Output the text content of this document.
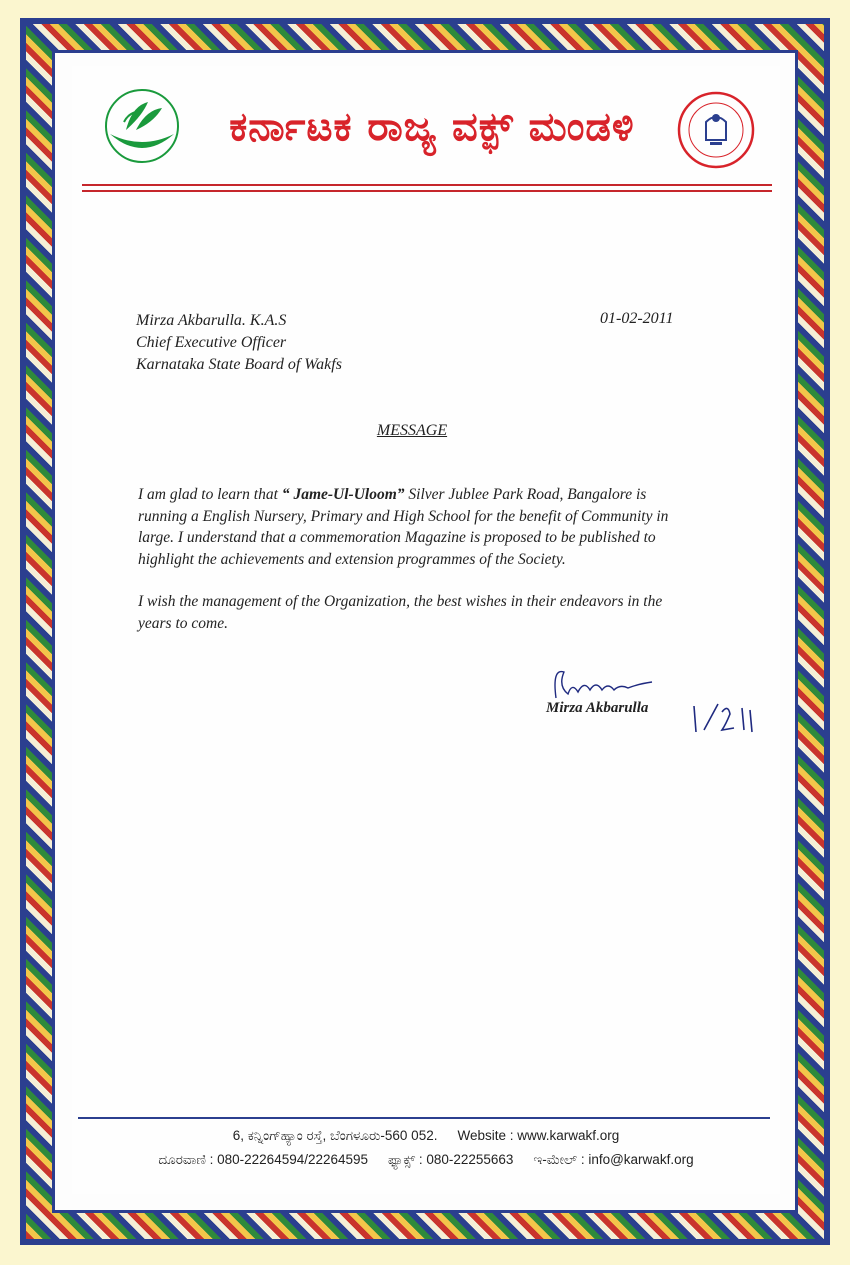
ಕರ್ನಾಟಕ ರಾಜ್ಯ ವಕ್ಫ್ ಮಂಡಳಿ
Mirza Akbarulla. K.A.S
Chief Executive Officer
Karnataka State Board of Wakfs
01-02-2011
MESSAGE

I am glad to learn that “ Jame-Ul-Uloom” Silver Jublee Park Road, Bangalore is running a English Nursery, Primary and High School for the benefit of Community in large. I understand that a commemoration Magazine is proposed to be published to highlight the achievements and extension programmes of the Society.

I wish the management of the Organization, the best wishes in their endeavors in the years to come.

Mirza Akbarulla
6, ಕನ್ನಿಂಗ್‌ಹ್ಯಾಂ ರಸ್ತೆ, ಬೆಂಗಳೂರು-560 052. Website : www.karwakf.org
ದೂರವಾಣಿ : 080-22264594/22264595 ಫ್ಯಾಕ್ಸ್ : 080-22255663 ಇ-ಮೇಲ್ : info@karwakf.org
